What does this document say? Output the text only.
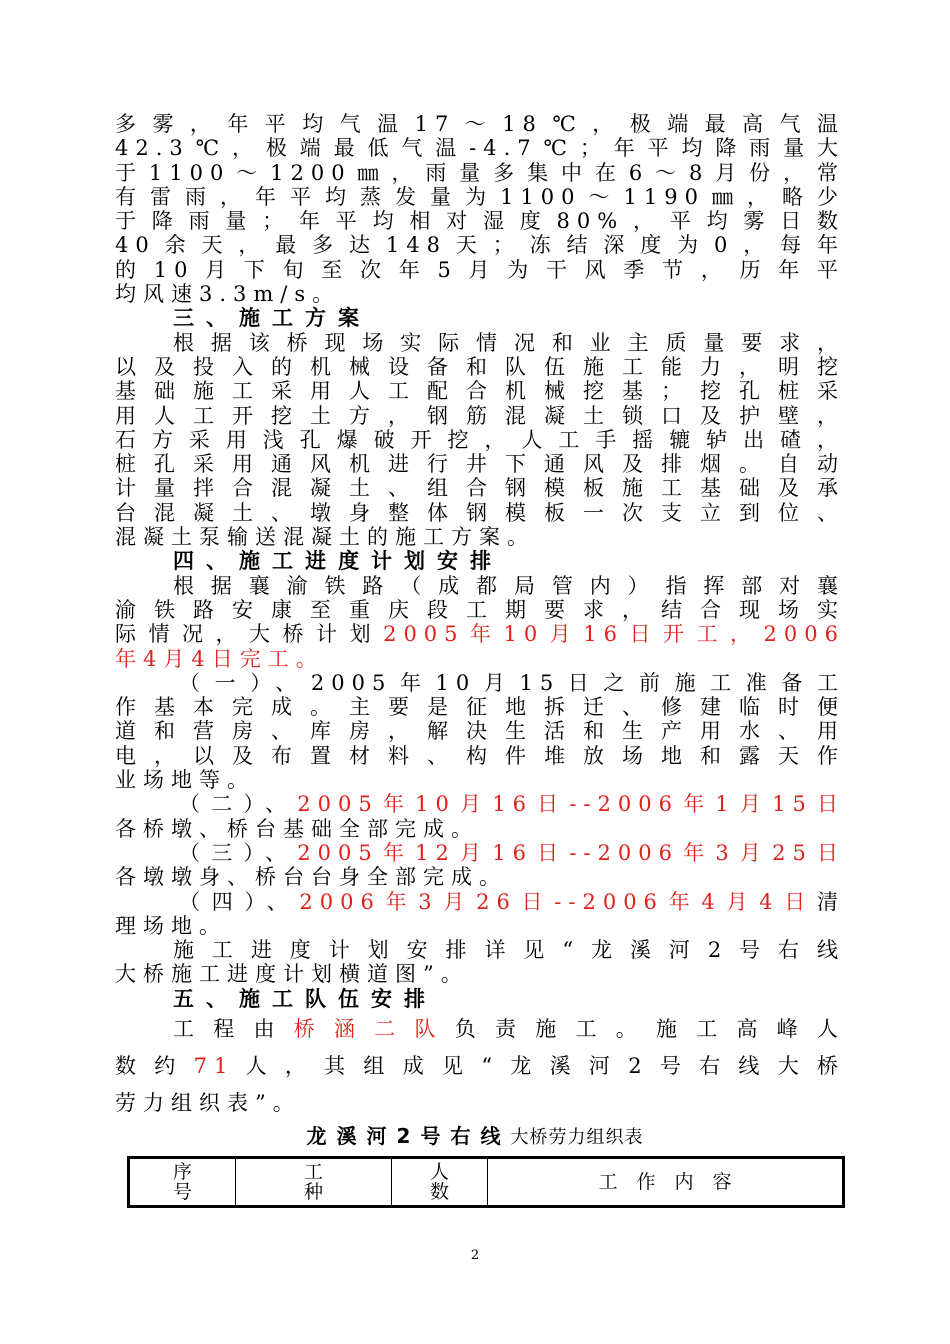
多雾，年平均气温17～18℃，极端最高气温
42.3℃，极端最低气温-4.7℃；年平均降雨量大
于1100～1200㎜，雨量多集中在6～8月份，常
有雷雨，年平均蒸发量为1100～1190㎜，略少
于降雨量；年平均相对湿度80%，平均雾日数
40余天，最多达148天；冻结深度为0，每年
的10月下旬至次年5月为干风季节，历年平
均风速3.3m/s。
三、施工方案
根据该桥现场实际情况和业主质量要求，
以及投入的机械设备和队伍施工能力，明挖
基础施工采用人工配合机械挖基；挖孔桩采
用人工开挖土方，钢筋混凝土锁口及护壁，
石方采用浅孔爆破开挖，人工手摇辘轳出碴，
桩孔采用通风机进行井下通风及排烟。自动
计量拌合混凝土、组合钢模板施工基础及承
台混凝土、墩身整体钢模板一次支立到位、
混凝土泵输送混凝土的施工方案。
四、施工进度计划安排
根据襄渝铁路（成都局管内）指挥部对襄
渝铁路安康至重庆段工期要求，结合现场实
际情况，大桥计划2005年10月16日开工，2006
年4月4日完工。
（一）、2005年10月15日之前施工准备工
作基本完成。主要是征地拆迁、修建临时便
道和营房、库房，解决生活和生产用水、用
电，以及布置材料、构件堆放场地和露天作
业场地等。
（二）、2005年10月16日--2006年1月15日
各桥墩、桥台基础全部完成。
（三）、2005年12月16日--2006年3月25日
各墩墩身、桥台台身全部完成。
（四）、2006年3月26日--2006年4月4日清
理场地。
施工进度计划安排详见“龙溪河2号右线
大桥施工进度计划横道图”。
五、施工队伍安排
工程由桥涵二队负责施工。施工高峰人
数约71人，其组成见“龙溪河2号右线大桥
劳力组织表”。
龙溪河2号右线大桥劳力组织表
序号	工种	人数	工　作　内　容
2
